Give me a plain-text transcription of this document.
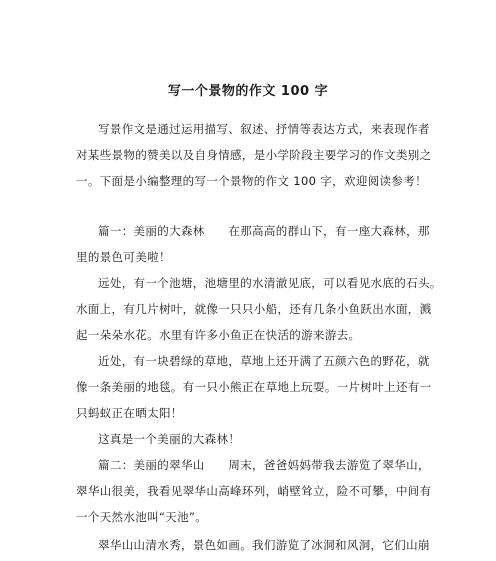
写一个景物的作文 100 字
写景作文是通过运用描写、叙述、抒情等表达方式，来表现作者
对某些景物的赞美以及自身情感，是小学阶段主要学习的作文类别之
一。下面是小编整理的写一个景物的作文 100 字，欢迎阅读参考！
篇一：美丽的大森林　　在那高高的群山下，有一座大森林，那
里的景色可美啦！
远处，有一个池塘，池塘里的水清澈见底，可以看见水底的石头。
水面上，有几片树叶，就像一只只小船，还有几条小鱼跃出水面，溅
起一朵朵水花。水里有许多小鱼正在快活的游来游去。
近处，有一块碧绿的草地，草地上还开满了五颜六色的野花，就
像一条美丽的地毯。有一只小熊正在草地上玩耍。一片树叶上还有一
只蚂蚁正在晒太阳！
这真是一个美丽的大森林！
篇二：美丽的翠华山　　周末，爸爸妈妈带我去游览了翠华山，
翠华山很美，我看见翠华山高峰环列，峭壁耸立，险不可攀，中间有
一个天然水池叫“天池”。
翠华山山清水秀，景色如画。我们游览了冰洞和风洞，它们山崩
